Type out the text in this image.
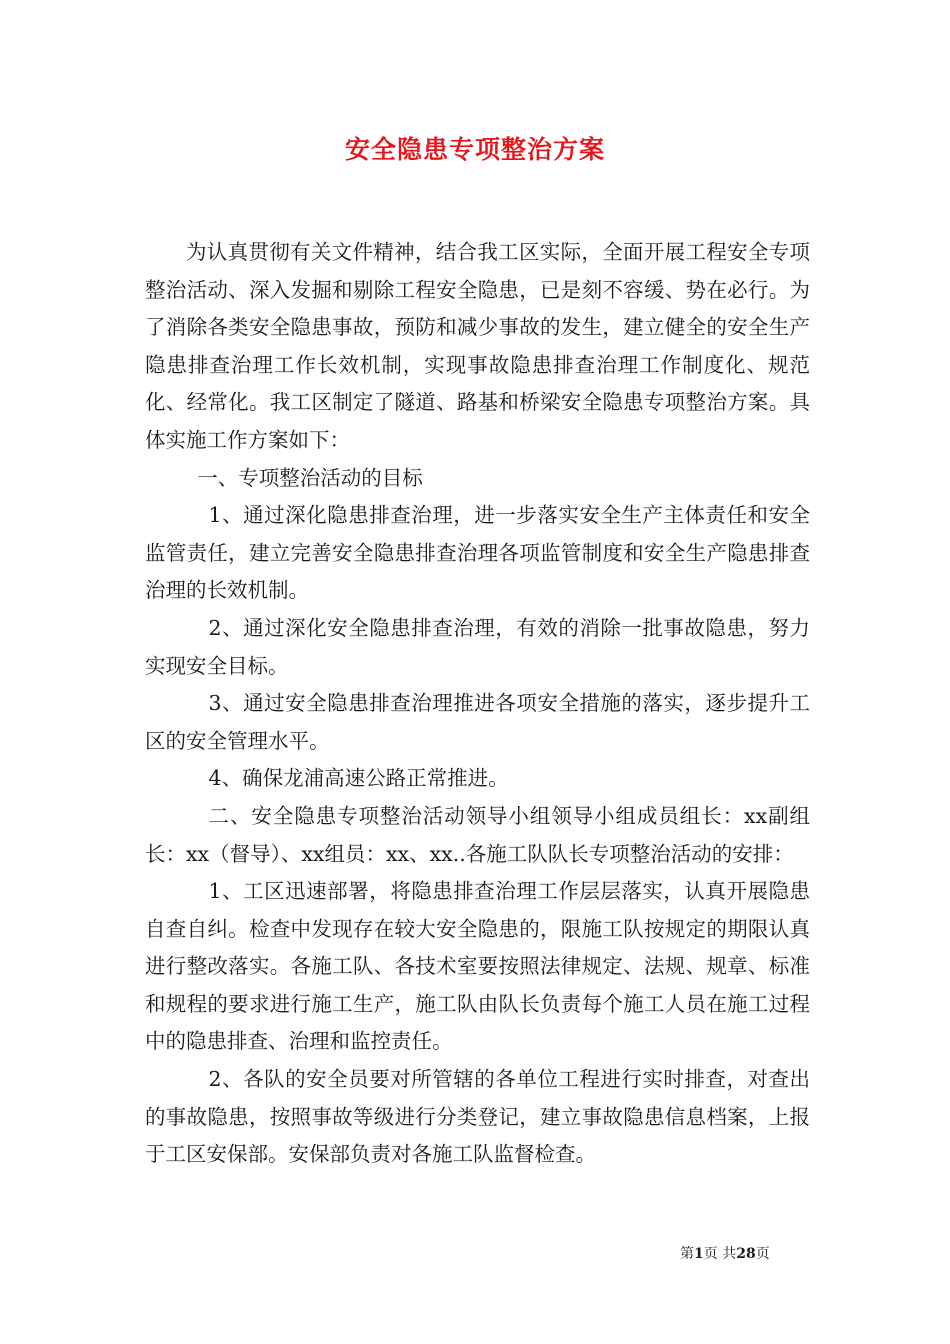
安全隐患专项整治方案

为认真贯彻有关文件精神，结合我工区实际，全面开展工程安全专项整治活动、深入发掘和剔除工程安全隐患，已是刻不容缓、势在必行。为了消除各类安全隐患事故，预防和减少事故的发生，建立健全的安全生产隐患排查治理工作长效机制，实现事故隐患排查治理工作制度化、规范化、经常化。我工区制定了隧道、路基和桥梁安全隐患专项整治方案。具体实施工作方案如下：

一、专项整治活动的目标

1、通过深化隐患排查治理，进一步落实安全生产主体责任和安全监管责任，建立完善安全隐患排查治理各项监管制度和安全生产隐患排查治理的长效机制。

2、通过深化安全隐患排查治理，有效的消除一批事故隐患，努力实现安全目标。

3、通过安全隐患排查治理推进各项安全措施的落实，逐步提升工区的安全管理水平。

4、确保龙浦高速公路正常推进。

二、安全隐患专项整治活动领导小组领导小组成员组长：xx副组长：xx（督导）、xx组员：xx、xx..各施工队队长专项整治活动的安排：

1、工区迅速部署，将隐患排查治理工作层层落实，认真开展隐患自查自纠。检查中发现存在较大安全隐患的，限施工队按规定的期限认真进行整改落实。各施工队、各技术室要按照法律规定、法规、规章、标准和规程的要求进行施工生产，施工队由队长负责每个施工人员在施工过程中的隐患排查、治理和监控责任。

2、各队的安全员要对所管辖的各单位工程进行实时排查，对查出的事故隐患，按照事故等级进行分类登记，建立事故隐患信息档案，上报于工区安保部。安保部负责对各施工队监督检查。

第1页 共28页
